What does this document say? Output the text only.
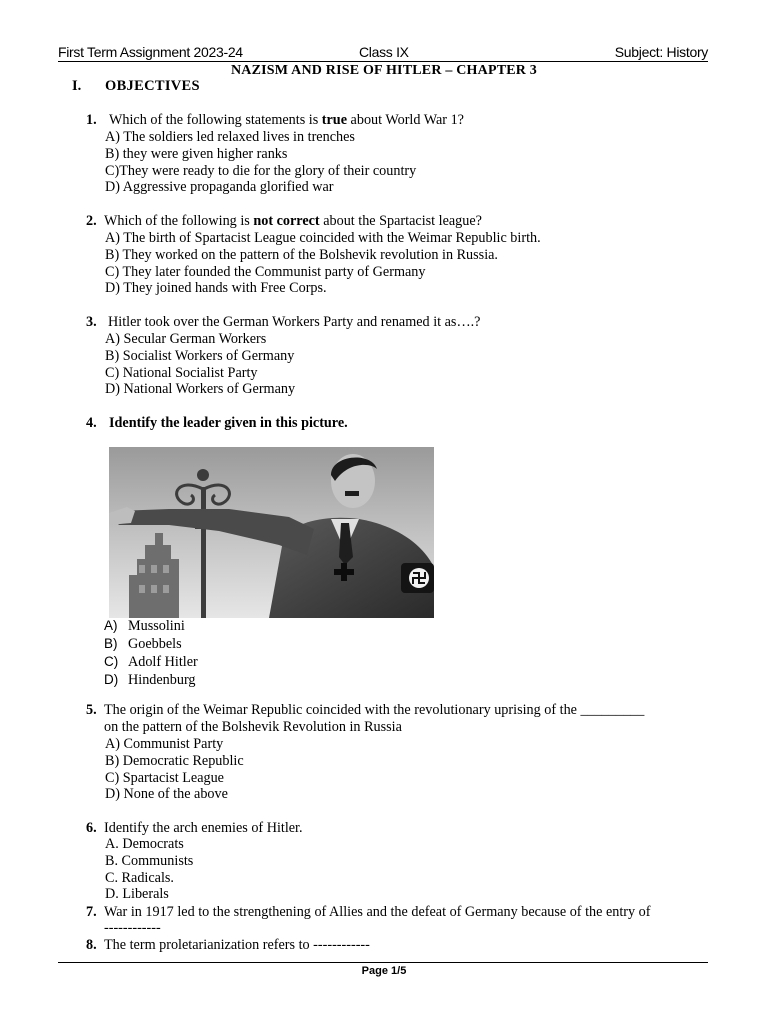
First Term Assignment 2023-24	Class IX	Subject: History
NAZISM AND RISE OF HITLER – CHAPTER 3
I. OBJECTIVES
1. Which of the following statements is true about World War 1?
A) The soldiers led relaxed lives in trenches
B) they were given higher ranks
C)They were ready to die for the glory of their country
D) Aggressive propaganda glorified war
2. Which of the following is not correct about the Spartacist league?
A) The birth of Spartacist League coincided with the Weimar Republic birth.
B) They worked on the pattern of the Bolshevik revolution in Russia.
C) They later founded the Communist party of Germany
D) They joined hands with Free Corps.
3. Hitler took over the German Workers Party and renamed it as….?
A) Secular German Workers
B) Socialist Workers of Germany
C) National Socialist Party
D) National Workers of Germany
4. Identify the leader given in this picture.
A) Mussolini
B) Goebbels
C) Adolf Hitler
D) Hindenburg
5. The origin of the Weimar Republic coincided with the revolutionary uprising of the _________
on the pattern of the Bolshevik Revolution in Russia
A) Communist Party
B) Democratic Republic
C) Spartacist League
D) None of the above
6. Identify the arch enemies of Hitler.
A. Democrats
B. Communists
C. Radicals.
D. Liberals
7. War in 1917 led to the strengthening of Allies and the defeat of Germany because of the entry of
------------
8. The term proletarianization refers to ------------
Page 1/5
